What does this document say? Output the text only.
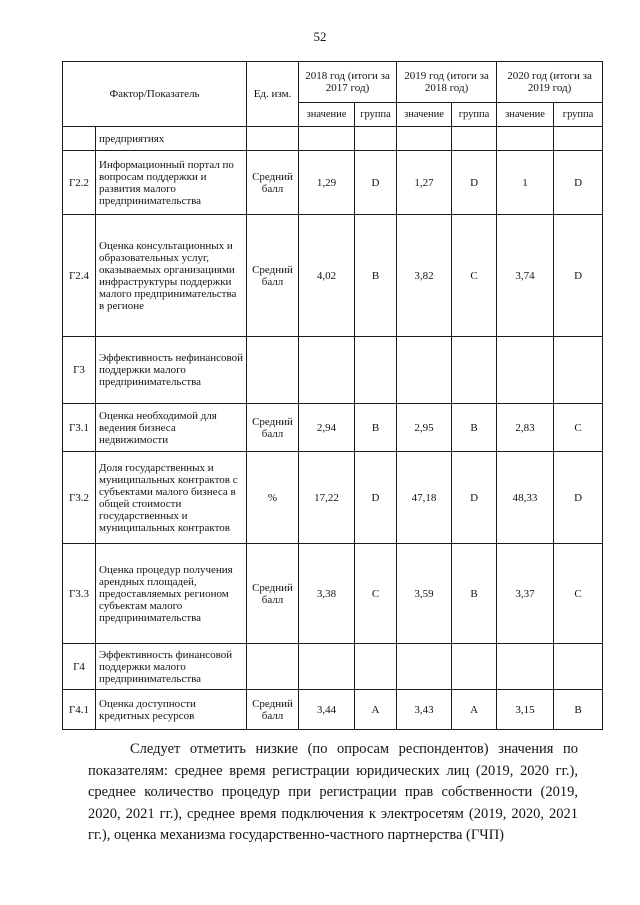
52
Фактор/Показатель		Ед. изм.	2018 год (итоги за 2017 год)		2019 год (итоги за 2018 год)		2020 год (итоги за 2019 год)	
			значение	группа	значение	группа	значение	группа
	предприятиях							
Г2.2	Информационный портал по вопросам поддержки и развития малого предпринимательства	Средний балл	1,29	D	1,27	D	1	D
Г2.4	Оценка консультационных и образовательных услуг, оказываемых организациями инфраструктуры поддержки малого предпринимательства в регионе	Средний балл	4,02	B	3,82	C	3,74	D
Г3	Эффективность нефинансовой поддержки малого предпринимательства							
Г3.1	Оценка необходимой для ведения бизнеса недвижимости	Средний балл	2,94	B	2,95	B	2,83	C
Г3.2	Доля государственных и муниципальных контрактов с субъектами малого бизнеса в общей стоимости государственных и муниципальных контрактов	%	17,22	D	47,18	D	48,33	D
Г3.3	Оценка процедур получения арендных площадей, предоставляемых регионом субъектам малого предпринимательства	Средний балл	3,38	C	3,59	B	3,37	C
Г4	Эффективность финансовой поддержки малого предпринимательства							
Г4.1	Оценка доступности кредитных ресурсов	Средний балл	3,44	A	3,43	A	3,15	B

Следует отметить низкие (по опросам респондентов) значения по показателям: среднее время регистрации юридических лиц (2019, 2020 гг.), среднее количество процедур при регистрации прав собственности (2019, 2020, 2021 гг.), среднее время подключения к электросетям (2019, 2020, 2021 гг.), оценка механизма государственно-частного партнерства (ГЧП)
